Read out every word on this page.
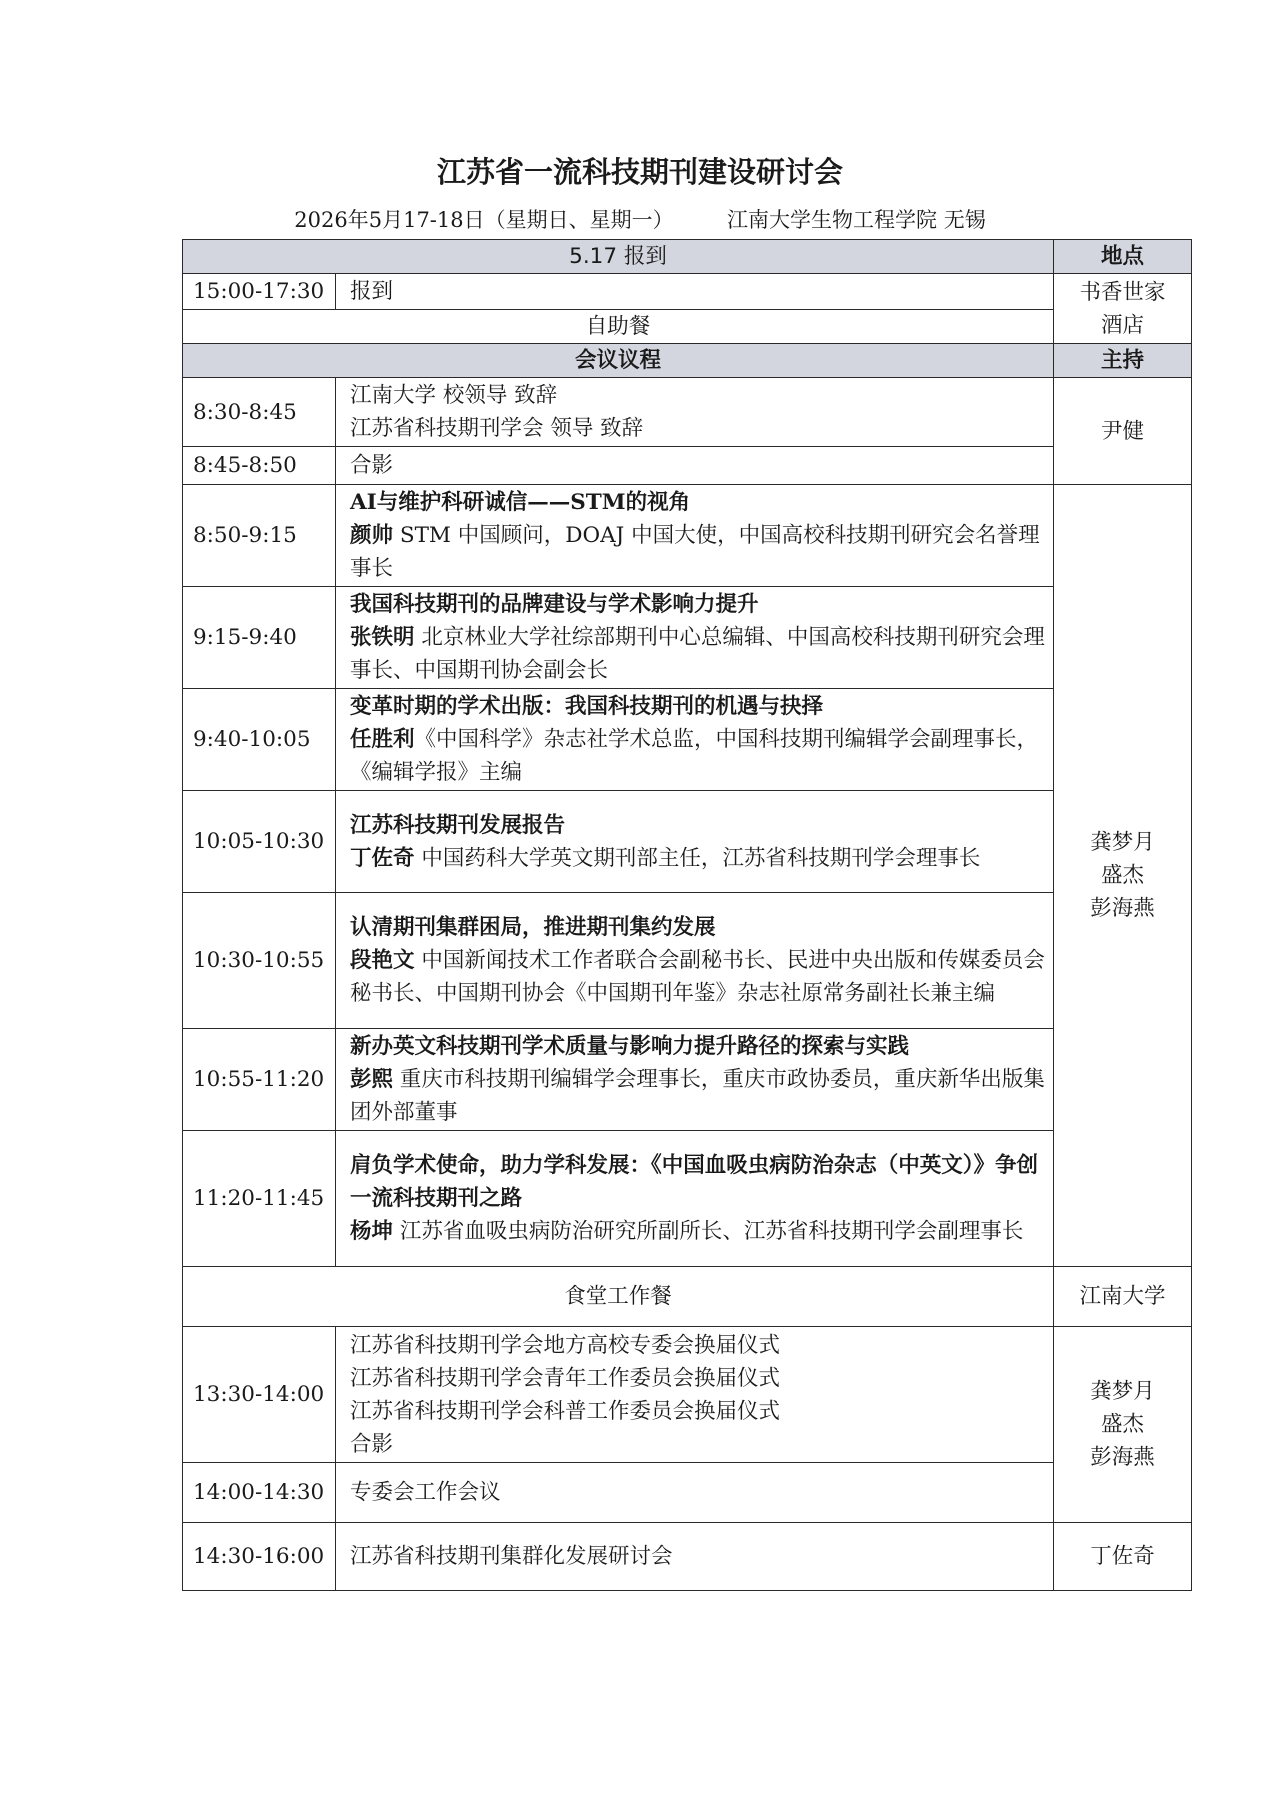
江苏省一流科技期刊建设研讨会
2026年5月17-18日（星期日、星期一）	江南大学生物工程学院 无锡
5.17 报到		地点
15:00-17:30	报到	书香世家
酒店

自助餐		
会议议程		主持
8:30-8:45	江南大学 校领导 致辞
江苏省科技期刊学会 领导 致辞	尹健
8:45-8:50	合影	
8:50-9:15	AI与维护科研诚信——STM的视角
颜帅 STM 中国顾问，DOAJ 中国大使，中国高校科技期刊研究会名誉理事长	龚梦月
盛杰
彭海燕

9:15-9:40	我国科技期刊的品牌建设与学术影响力提升
张铁明 北京林业大学社综部期刊中心总编辑、中国高校科技期刊研究会理事长、中国期刊协会副会长	

9:40-10:05	变革时期的学术出版：我国科技期刊的机遇与抉择
任胜利《中国科学》杂志社学术总监，中国科技期刊编辑学会副理事长，《编辑学报》主编	

10:05-10:30	江苏科技期刊发展报告
丁佐奇 中国药科大学英文期刊部主任，江苏省科技期刊学会理事长	

10:30-10:55	认清期刊集群困局，推进期刊集约发展
段艳文 中国新闻技术工作者联合会副秘书长、民进中央出版和传媒委员会秘书长、中国期刊协会《中国期刊年鉴》杂志社原常务副社长兼主编	

10:55-11:20	新办英文科技期刊学术质量与影响力提升路径的探索与实践
彭熙 重庆市科技期刊编辑学会理事长，重庆市政协委员，重庆新华出版集团外部董事	

11:20-11:45	肩负学术使命，助力学科发展：《中国血吸虫病防治杂志（中英文）》争创一流科技期刊之路
杨坤 江苏省血吸虫病防治研究所副所长、江苏省科技期刊学会副理事长	

食堂工作餐		江南大学
13:30-14:00	江苏省科技期刊学会地方高校专委会换届仪式
江苏省科技期刊学会青年工作委员会换届仪式
江苏省科技期刊学会科普工作委员会换届仪式
合影	龚梦月
盛杰
彭海燕

14:00-14:30	专委会工作会议	
14:30-16:00	江苏省科技期刊集群化发展研讨会	丁佐奇
